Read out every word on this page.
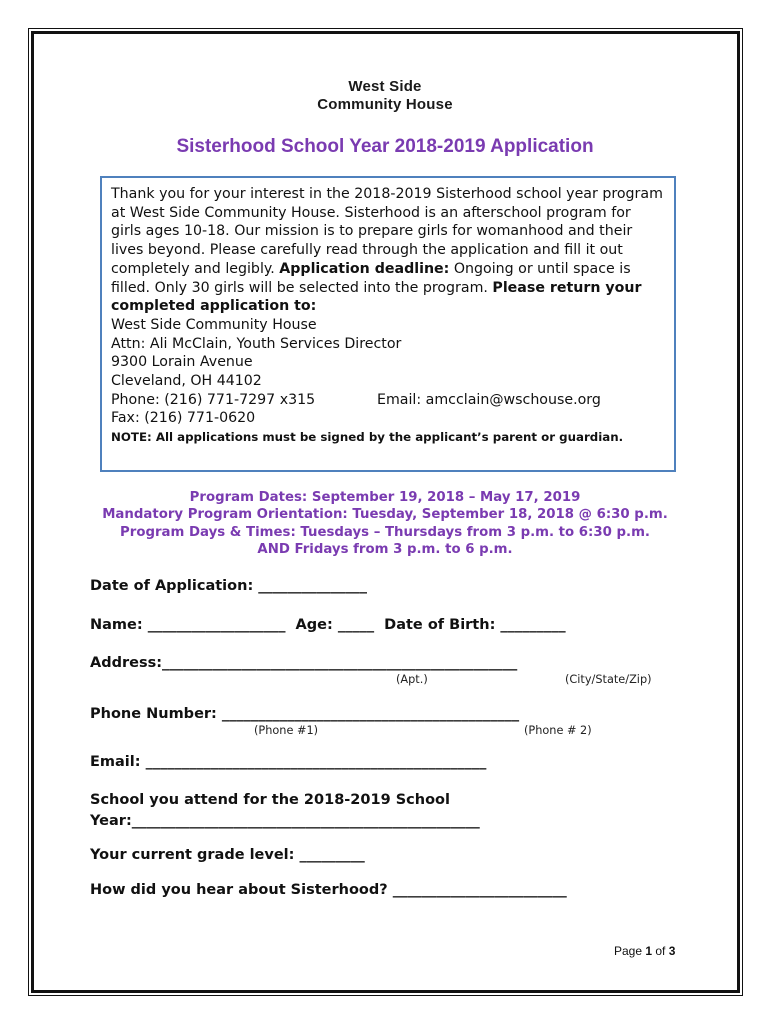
West Side
Community House
Sisterhood School Year 2018-2019 Application

Thank you for your interest in the 2018-2019 Sisterhood school year program at West Side Community House. Sisterhood is an afterschool program for girls ages 10-18. Our mission is to prepare girls for womanhood and their lives beyond. Please carefully read through the application and fill it out completely and legibly. Application deadline: Ongoing or until space is filled. Only 30 girls will be selected into the program. Please return your completed application to:

West Side Community House
Attn: Ali McClain, Youth Services Director
9300 Lorain Avenue
Cleveland, OH 44102
Phone: (216) 771-7297 x315	Email: amcclain@wschouse.org
Fax: (216) 771-0620

NOTE: All applications must be signed by the applicant’s parent or guardian.

Program Dates: September 19, 2018 – May 17, 2019
Mandatory Program Orientation: Tuesday, September 18, 2018 @ 6:30 p.m.
Program Days & Times: Tuesdays – Thursdays from 3 p.m. to 6:30 p.m.
AND Fridays from 3 p.m. to 6 p.m.
Date of Application: _______________
Name: ___________________  Age: _____  Date of Birth: _________
Address:_________________________________________________
(Apt.)	(City/State/Zip)
Phone Number: _________________________________________
(Phone #1)	(Phone # 2)
Email: _______________________________________________
School you attend for the 2018-2019 School
Year:________________________________________________
Your current grade level: _________
How did you hear about Sisterhood? ________________________
Page 1 of 3
